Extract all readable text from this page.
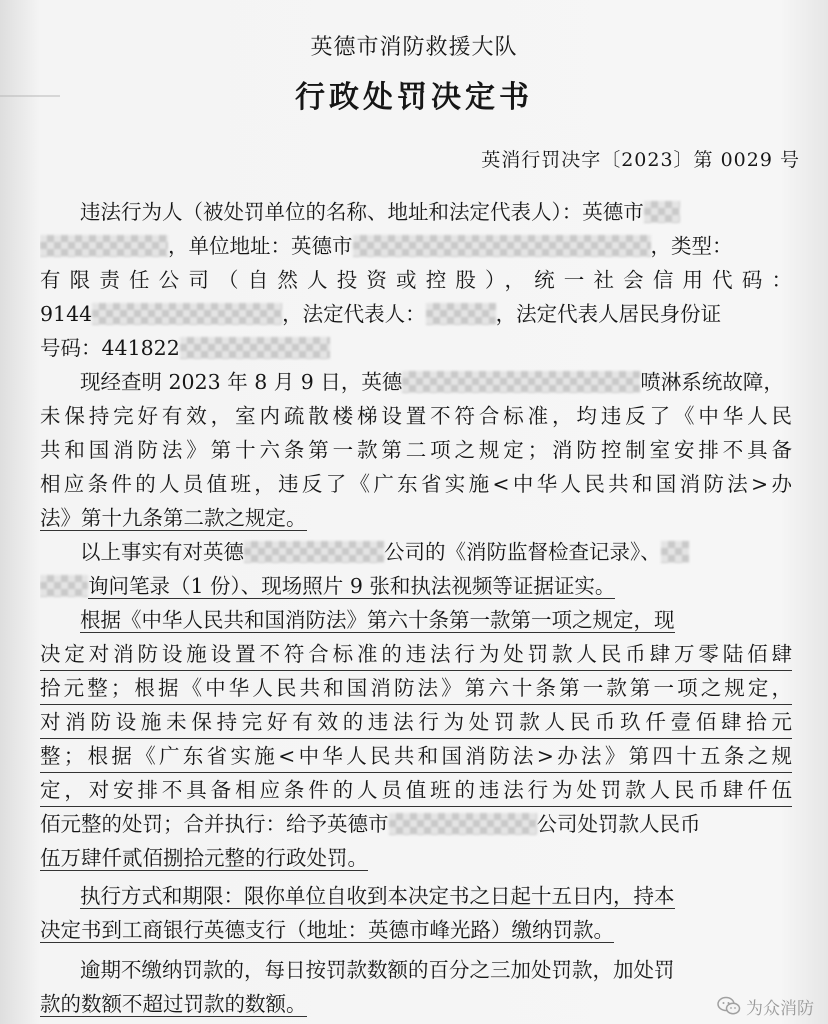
英德市消防救援大队
行政处罚决定书
英消行罚决字〔2023〕第 0029 号
违法行为人（被处罚单位的名称、地址和法定代表人）：英德市
，单位地址：英德市	，类型：
有限责任公司（自然人投资或控股），统一社会信用代码：
9144	，法定代表人：	，法定代表人居民身份证
号码：441822
现经查明 2023 年 8 月 9 日，英德	喷淋系统故障，
未保持完好有效，室内疏散楼梯设置不符合标准，均违反了《中华人民
共和国消防法》第十六条第一款第二项之规定；消防控制室安排不具备
相应条件的人员值班，违反了《广东省实施<中华人民共和国消防法>办
法》第十九条第二款之规定。
以上事实有对英德	公司的《消防监督检查记录》、
询问笔录（1 份）、现场照片 9 张和执法视频等证据证实。
根据《中华人民共和国消防法》第六十条第一款第一项之规定，现
决定对消防设施设置不符合标准的违法行为处罚款人民币肆万零陆佰肆
拾元整；根据《中华人民共和国消防法》第六十条第一款第一项之规定，
对消防设施未保持完好有效的违法行为处罚款人民币玖仟壹佰肆拾元
整；根据《广东省实施<中华人民共和国消防法>办法》第四十五条之规
定，对安排不具备相应条件的人员值班的违法行为处罚款人民币肆仟伍
佰元整的处罚；合并执行：给予英德市	公司处罚款人民币
伍万肆仟贰佰捌拾元整的行政处罚。
执行方式和期限：限你单位自收到本决定书之日起十五日内，持本
决定书到工商银行英德支行（地址：英德市峰光路）缴纳罚款。
逾期不缴纳罚款的，每日按罚款数额的百分之三加处罚款，加处罚
款的数额不超过罚款的数额。	为众消防
